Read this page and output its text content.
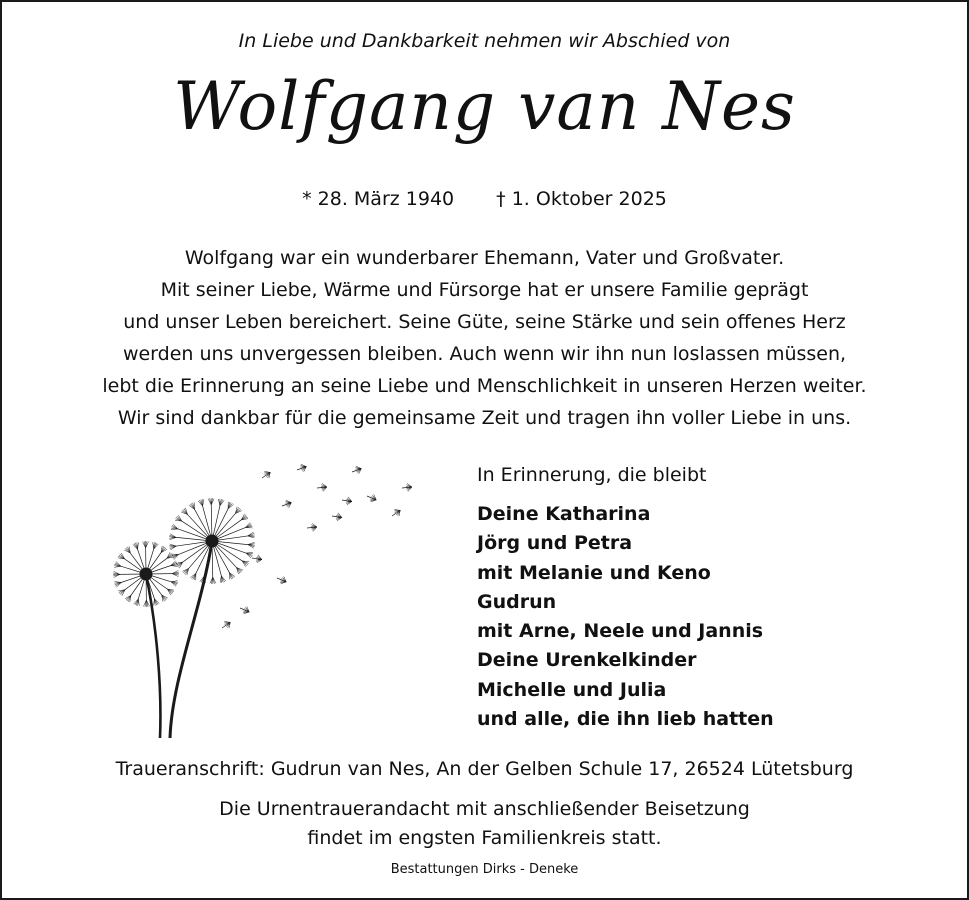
In Liebe und Dankbarkeit nehmen wir Abschied von
Wolfgang van Nes
* 28. März 1940 † 1. Oktober 2025
Wolfgang war ein wunderbarer Ehemann, Vater und Großvater.
Mit seiner Liebe, Wärme und Fürsorge hat er unsere Familie geprägt
und unser Leben bereichert. Seine Güte, seine Stärke und sein offenes Herz
werden uns unvergessen bleiben. Auch wenn wir ihn nun loslassen müssen,
lebt die Erinnerung an seine Liebe und Menschlichkeit in unseren Herzen weiter.
Wir sind dankbar für die gemeinsame Zeit und tragen ihn voller Liebe in uns.
In Erinnerung, die bleibt
Deine Katharina
Jörg und Petra
mit Melanie und Keno
Gudrun
mit Arne, Neele und Jannis
Deine Urenkelkinder
Michelle und Julia
und alle, die ihn lieb hatten
Traueranschrift: Gudrun van Nes, An der Gelben Schule 17, 26524 Lütetsburg
Die Urnentrauerandacht mit anschließender Beisetzung
findet im engsten Familienkreis statt.
Bestattungen Dirks - Deneke
